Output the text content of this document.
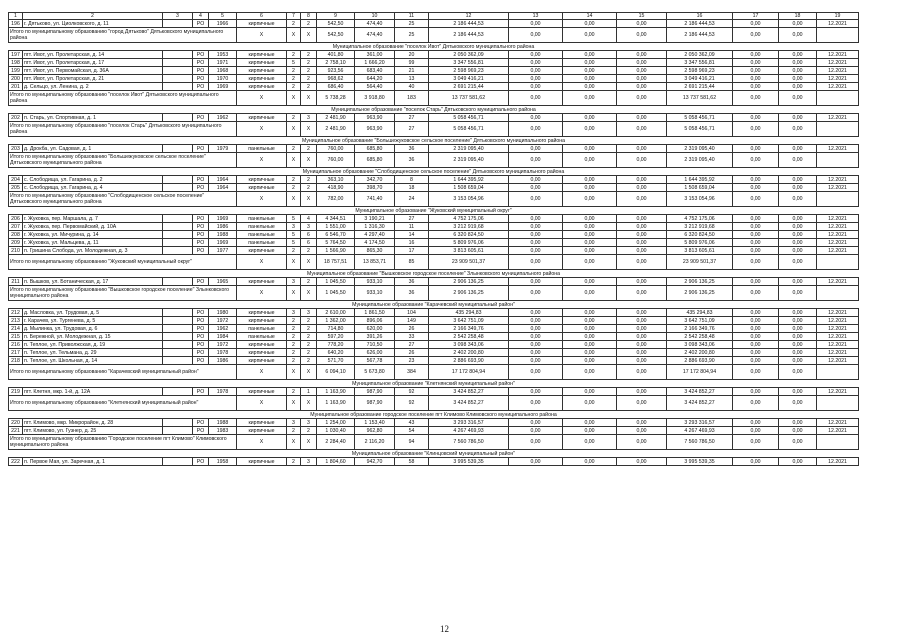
1	2	3	4	5	6	7	8	9	10	11	12	13	14	15	16	17	18	19
196	г. Дятьково, ул. Циолковского, д. 11		PO	1966	кирпичные	2	2	542,50	474,40	25	2 186 444,53	0,00	0,00	0,00	2 186 444,53	0,00	0,00	12.2021
Итого по муниципальному образованию "город Дятьково" Дятьковского муниципального района					X	X	X	542,50	474,40	25	2 186 444,53	0,00	0,00	0,00	2 186 444,53	0,00	0,00	
Муниципальное образование "поселок Ивот" Дятьковского муниципального района																		
197	пгт. Ивот, ул. Пролетарская, д. 14		PO	1953	кирпичные	2	2	401,80	361,00	20	2 050 362,09	0,00	0,00	0,00	2 050 362,09	0,00	0,00	12.2021
198	пгт. Ивот, ул. Пролетарская, д. 17		PO	1971	кирпичные	5	2	2 758,10	1 666,20	99	3 347 556,81	0,00	0,00	0,00	3 347 556,81	0,00	0,00	12.2021
199	пгт. Ивот, ул. Первомайская, д. 36А		PO	1968	кирпичные	2	2	923,56	683,40	21	2 598 969,23	0,00	0,00	0,00	2 598 969,23	0,00	0,00	12.2021
200	пгт. Ивот, ул. Пролетарская, д. 21		PO	1970	кирпичные	2	2	968,62	644,20	13	3 049 416,21	0,00	0,00	0,00	3 049 416,21	0,00	0,00	12.2021
201	д. Сельцо, ул. Ленина, д. 2		PO	1969	кирпичные	2	2	686,40	564,40	40	2 691 215,44	0,00	0,00	0,00	2 691 215,44	0,00	0,00	12.2021
Итого по муниципальному образованию "поселок Ивот" Дятьковского муниципального района					X	X	X	5 738,28	3 918,80	183	13 737 581,62	0,00	0,00	0,00	13 737 581,62	0,00	0,00	
Муниципальное образование "поселок Старь" Дятьковского муниципального района																		
202	п. Старь, ул. Спортивная, д. 1		PO	1962	кирпичные	2	3	2 481,90	963,90	27	5 058 456,71	0,00	0,00	0,00	5 058 456,71	0,00	0,00	12.2021
Итого по муниципальному образованию "поселок Старь" Дятьковского муниципального района					X	X	X	2 481,90	963,90	27	5 058 456,71	0,00	0,00	0,00	5 058 456,71	0,00	0,00	
Муниципальное образование "Большежуковское сельское поселение" Дятьковского муниципального района																		
203	д. Дрокба, ул. Садовая, д. 1		PO	1979	панельные	2	2	760,00	685,80	36	2 319 095,40	0,00	0,00	0,00	2 319 095,40	0,00	0,00	12.2021
Итого по муниципальному образованию "Большежуковское сельское поселение" Дятьковского муниципального района					X	X	X	760,00	685,80	36	2 319 095,40	0,00	0,00	0,00	2 319 095,40	0,00	0,00	
Муниципальное образование "Слободищенское сельское поселение" Дятьковского муниципального района																		
204	с. Слободища, ул. Гагарина, д. 2		PO	1964	кирпичные	2	2	363,10	342,70	8	1 644 395,92	0,00	0,00	0,00	1 644 395,92	0,00	0,00	12.2021
205	с. Слободища, ул. Гагарина, д. 4		PO	1964	кирпичные	2	2	418,90	398,70	18	1 508 659,04	0,00	0,00	0,00	1 508 659,04	0,00	0,00	12.2021
Итого по муниципальному образованию "Слободищенское сельское поселение" Дятьковского муниципального района					X	X	X	782,00	741,40	24	3 153 054,96	0,00	0,00	0,00	3 153 054,96	0,00	0,00	
Муниципальное образование "Жуковский муниципальный округ"																		
206	г. Жуковка, пер. Маршала, д. 7		PO	1969	панельные	5	4	4 344,51	3 190,21	27	4 752 175,06	0,00	0,00	0,00	4 752 175,06	0,00	0,00	12.2021
207	г. Жуковка, пер. Первомайский, д. 10А		PO	1986	панельные	3	3	1 551,00	1 316,30	11	3 212 919,68	0,00	0,00	0,00	3 212 919,68	0,00	0,00	12.2021
208	г. Жуковка, ул. Мичурина, д. 14		PO	1988	панельные	5	6	6 546,70	4 297,40	14	6 320 824,50	0,00	0,00	0,00	6 320 824,50	0,00	0,00	12.2021
209	г. Жуковка, ул. Мальцева, д. 11		PO	1969	панельные	5	6	5 764,50	4 174,50	16	5 809 976,06	0,00	0,00	0,00	5 809 976,06	0,00	0,00	12.2021
210	п. Гришина Слобода, ул. Молодежная, д. 3		PO	1977	кирпичные	2	2	1 566,90	865,30	17	3 813 605,61	0,00	0,00	0,00	3 813 605,61	0,00	0,00	12.2021
Итого по муниципальному образованию "Жуковский муниципальный округ"					X	X	X	18 757,51	13 853,71	85	23 909 501,37	0,00	0,00	0,00	23 909 501,37	0,00	0,00	
Муниципальное образование "Вышковское городское поселение" Злынковского муниципального района																		
211	п. Вышков, ул. Ботаническая, д. 17		PO	1965	кирпичные	3	2	1 045,50	933,10	36	2 906 136,25	0,00	0,00	0,00	2 906 136,25	0,00	0,00	12.2021
Итого по муниципальному образованию "Вышковское городское поселение" Злынковского муниципального района					X	X	X	1 045,50	933,10	36	2 906 136,25	0,00	0,00	0,00	2 906 136,25	0,00	0,00	
Муниципальное образование "Карачевский муниципальный район"																		
212	д. Масловка, ул. Трудовая, д. 5		PO	1980	кирпичные	3	3	2 610,00	1 861,50	104	435 294,83	0,00	0,00	0,00	435 294,83	0,00	0,00	12.2021
213	г. Карачев, ул. Тургенева, д. 5		PO	1972	кирпичные	2	2	1 362,00	896,06	149	3 642 751,09	0,00	0,00	0,00	3 642 751,09	0,00	0,00	12.2021
214	д. Мылинка, ул. Трудовая, д. 6		PO	1962	панельные	2	2	714,80	620,00	26	2 166 349,76	0,00	0,00	0,00	2 166 349,76	0,00	0,00	12.2021
215	п. Бережной, ул. Молодежная, д. 15		PO	1984	панельные	2	2	597,20	391,26	33	2 542 258,48	0,00	0,00	0,00	2 542 258,48	0,00	0,00	12.2021
216	п. Теплое, ул. Приволжская, д. 19		PO	1972	кирпичные	2	2	778,20	710,50	27	3 098 343,06	0,00	0,00	0,00	3 098 343,06	0,00	0,00	12.2021
217	п. Теплое, ул. Тельмана, д. 29		PO	1978	кирпичные	2	2	640,20	626,00	26	2 402 200,80	0,00	0,00	0,00	2 402 200,80	0,00	0,00	12.2021
218	п. Теплое, ул. Школьная, д. 14		PO	1986	кирпичные	2	2	571,70	567,78	23	2 886 693,90	0,00	0,00	0,00	2 886 693,90	0,00	0,00	12.2021
Итого по муниципальному образованию "Карачевский муниципальный район"					X	X	X	6 094,10	5 673,80	384	17 172 804,94	0,00	0,00	0,00	17 172 804,94	0,00	0,00	
Муниципальное образование "Клетнянский муниципальный район"																		
219	пгт. Клетня, мкр. 1-й, д. 12А		PO	1978	кирпичные	2	1	1 163,90	987,90	92	3 424 852,27	0,00	0,00	0,00	3 424 852,27	0,00	0,00	12.2021
Итого по муниципальному образованию "Клетнянский муниципальный район"					X	X	X	1 163,90	987,90	92	3 424 852,27	0,00	0,00	0,00	3 424 852,27	0,00	0,00	
Муниципальное образование городское поселение пгт Климово Климовского муниципального района																		
220	пгт. Климово, мкр. Микрорайон, д. 28		PO	1988	кирпичные	3	3	1 254,00	1 153,40	43	3 293 316,57	0,00	0,00	0,00	3 293 316,57	0,00	0,00	12.2021
221	пгт. Климово, ул. Гузнер, д. 25		PO	1983	кирпичные	2	2	1 030,40	962,80	54	4 267 469,93	0,00	0,00	0,00	4 267 469,93	0,00	0,00	12.2021
Итого по муниципальному образованию "Городское поселение пгт Климово" Климовского муниципального района					X	X	X	2 284,40	2 116,20	94	7 560 786,50	0,00	0,00	0,00	7 560 786,50	0,00	0,00	
Муниципальное образование "Клинцовский муниципальный район"																		
222	п. Первое Мая, ул. Заречная, д. 1		PO	1958	кирпичные	2	3	1 804,60	942,70	58	3 995 539,35	0,00	0,00	0,00	3 995 539,35	0,00	0,00	12.2021
12
